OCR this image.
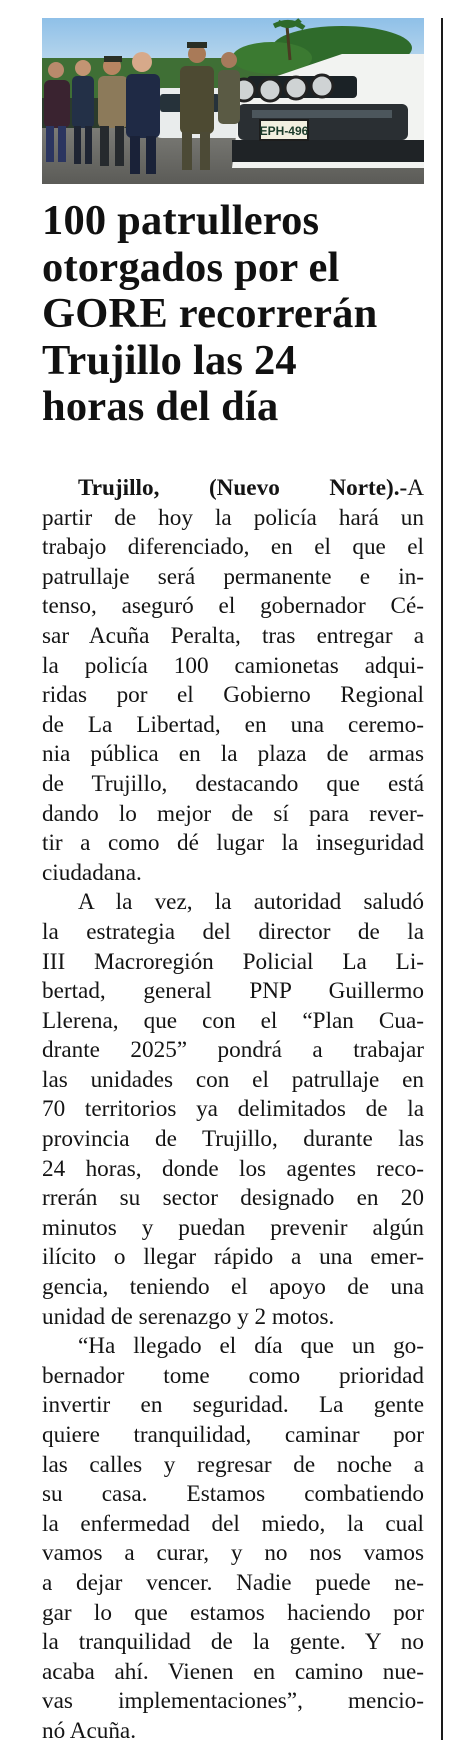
EPH-496
100 patrulleros
otorgados por el
GORE recorrerán
Trujillo las 24
horas del día
Trujillo, (Nuevo Norte).-A
partir de hoy la policía hará un
trabajo diferenciado, en el que el
patrullaje será permanente e in-
tenso, aseguró el gobernador Cé-
sar Acuña Peralta, tras entregar a
la policía 100 camionetas adqui-
ridas por el Gobierno Regional
de La Libertad, en una ceremo-
nia pública en la plaza de armas
de Trujillo, destacando que está
dando lo mejor de sí para rever-
tir a como dé lugar la inseguridad
ciudadana.
A la vez, la autoridad saludó
la estrategia del director de la
III Macroregión Policial La Li-
bertad, general PNP Guillermo
Llerena, que con el “Plan Cua-
drante 2025” pondrá a trabajar
las unidades con el patrullaje en
70 territorios ya delimitados de la
provincia de Trujillo, durante las
24 horas, donde los agentes reco-
rrerán su sector designado en 20
minutos y puedan prevenir algún
ilícito o llegar rápido a una emer-
gencia, teniendo el apoyo de una
unidad de serenazgo y 2 motos.
“Ha llegado el día que un go-
bernador tome como prioridad
invertir en seguridad. La gente
quiere tranquilidad, caminar por
las calles y regresar de noche a
su casa. Estamos combatiendo
la enfermedad del miedo, la cual
vamos a curar, y no nos vamos
a dejar vencer. Nadie puede ne-
gar lo que estamos haciendo por
la tranquilidad de la gente. Y no
acaba ahí. Vienen en camino nue-
vas implementaciones”, mencio-
nó Acuña.
